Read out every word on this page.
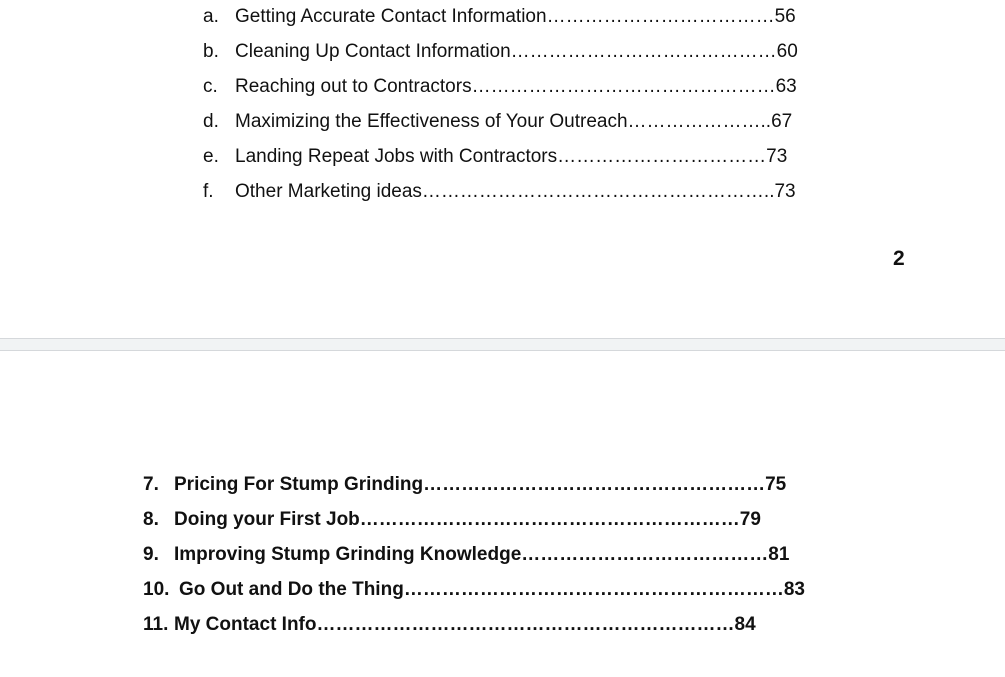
a. Getting Accurate Contact Information………………………………56
b. Cleaning Up Contact Information……………………………………60
c. Reaching out to Contractors…………………………………………63
d. Maximizing the Effectiveness of Your Outreach…………………..67
e. Landing Repeat Jobs with Contractors……………………………73
f. Other Marketing ideas………………………………………………..73
2
7. Pricing For Stump Grinding………………………………………………75
8. Doing your First Job……………………………………………………79
9. Improving Stump Grinding Knowledge…………………………………81
10. Go Out and Do the Thing……………………………………………………83
11. My Contact Info…………………………………………………………84
